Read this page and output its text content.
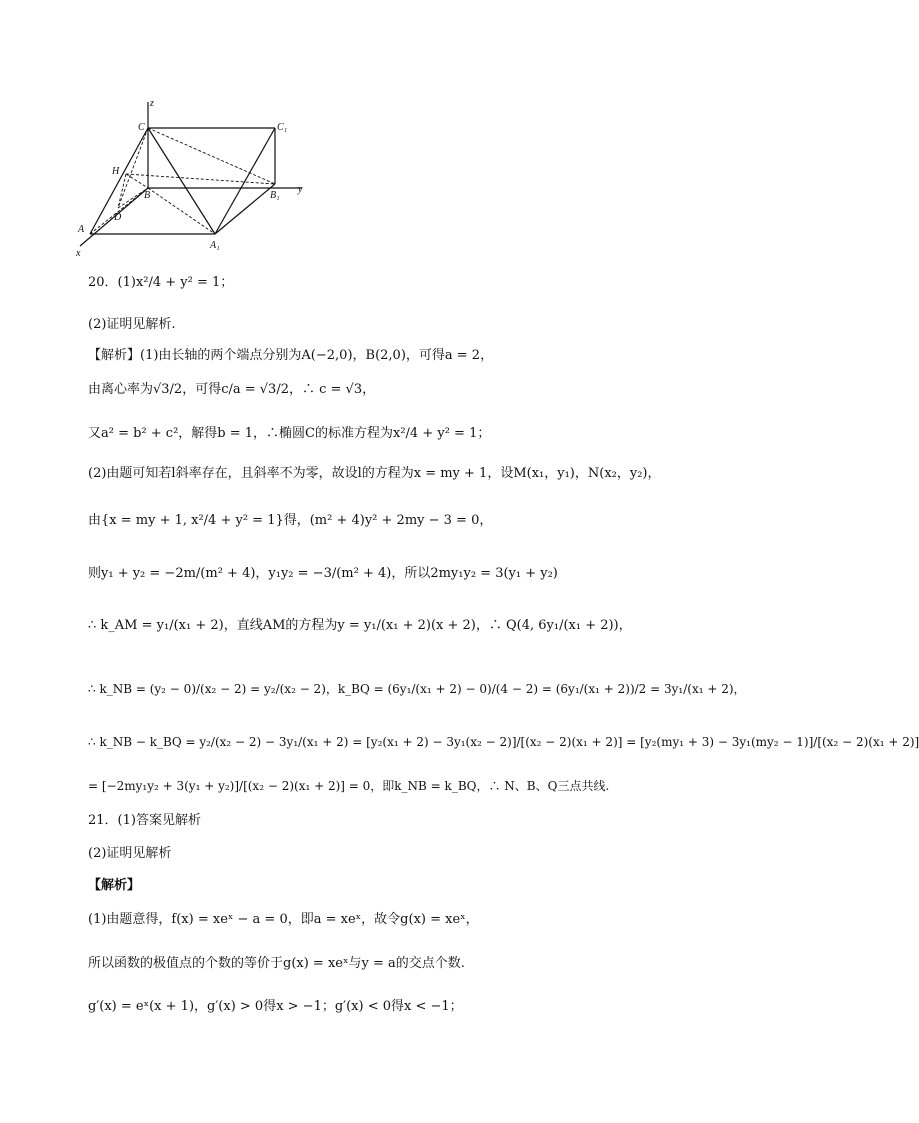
z
y
x
C	C₁
H
B	B₁
D
A
A₁
20．(1)x²/4 + y² = 1；
(2)证明见解析.
【解析】(1)由长轴的两个端点分别为A(−2,0)，B(2,0)，可得a = 2，
由离心率为√3/2，可得c/a = √3/2，∴ c = √3，
又a² = b² + c²，解得b = 1，∴椭圆C的标准方程为x²/4 + y² = 1；
(2)由题可知若l斜率存在，且斜率不为零，故设l的方程为x = my + 1，设M(x₁，y₁)，N(x₂，y₂)，
由{x = my + 1, x²/4 + y² = 1}得，(m² + 4)y² + 2my − 3 = 0，
则y₁ + y₂ = −2m/(m² + 4)，y₁y₂ = −3/(m² + 4)，所以2my₁y₂ = 3(y₁ + y₂)
∴ k_AM = y₁/(x₁ + 2)，直线AM的方程为y = y₁/(x₁ + 2)(x + 2)，∴ Q(4, 6y₁/(x₁ + 2))，
∴ k_NB = (y₂ − 0)/(x₂ − 2) = y₂/(x₂ − 2)，k_BQ = (6y₁/(x₁ + 2) − 0)/(4 − 2) = (6y₁/(x₁ + 2))/2 = 3y₁/(x₁ + 2)，
∴ k_NB − k_BQ = y₂/(x₂ − 2) − 3y₁/(x₁ + 2) = [y₂(x₁ + 2) − 3y₁(x₂ − 2)]/[(x₂ − 2)(x₁ + 2)] = [y₂(my₁ + 3) − 3y₁(my₂ − 1)]/[(x₂ − 2)(x₁ + 2)]
= [−2my₁y₂ + 3(y₁ + y₂)]/[(x₂ − 2)(x₁ + 2)] = 0，即k_NB = k_BQ，∴ N、B、Q三点共线.
21．(1)答案见解析
(2)证明见解析
【解析】
(1)由题意得，f(x) = xeˣ − a = 0，即a = xeˣ，故令g(x) = xeˣ，
所以函数的极值点的个数的等价于g(x) = xeˣ与y = a的交点个数.
g′(x) = eˣ(x + 1)，g′(x) > 0得x > −1；g′(x) < 0得x < −1；
